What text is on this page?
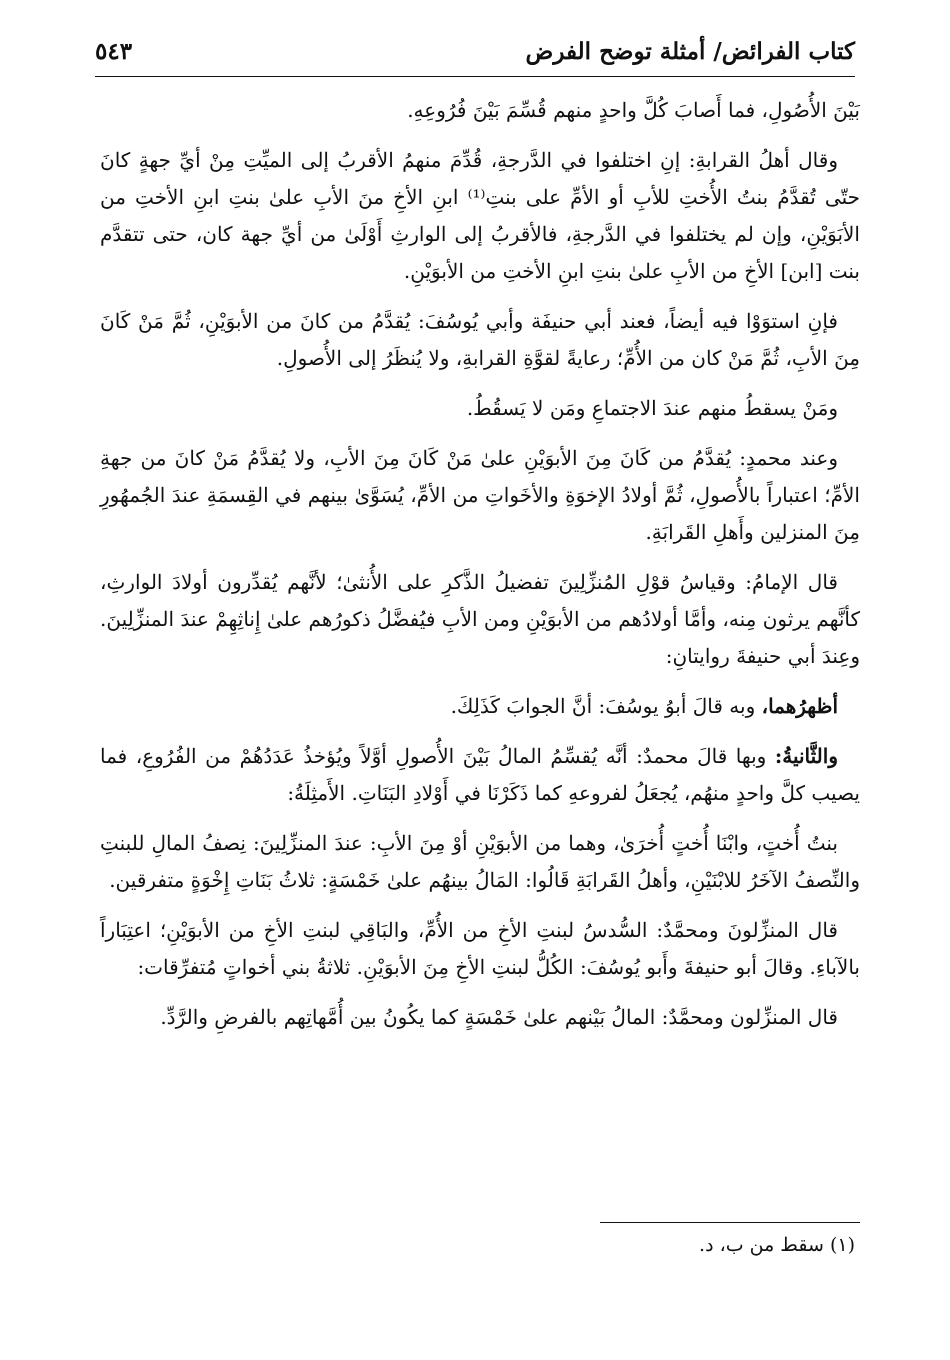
كتاب الفرائض/ أمثلة توضح الفرض
٥٤٣

بَيْنَ الأُصُولِ، فما أَصابَ كُلَّ واحدٍ منهم قُسِّمَ بَيْنَ فُرُوعِهِ.

وقال أهلُ القرابةِ: إنِ اختلفوا في الدَّرجةِ، قُدِّمَ منهمُ الأقربُ إلى الميِّتِ مِنْ أيِّ جهةٍ كانَ حتّى تُقدَّمُ بنتُ الأُختِ للأبِ أو الأمِّ على بنتِ⁽¹⁾ ابنِ الأخِ منَ الأبِ علىٰ بنتِ ابنِ الأختِ من الأبَوَيْنِ، وإن لم يختلفوا في الدَّرجةِ، فالأقربُ إلى الوارثِ أَوْلَىٰ من أيِّ جهة كان، حتى تتقدَّم بنت [ابن] الأخِ من الأبِ علىٰ بنتِ ابنِ الأختِ من الأبوَيْنِ.

فإنِ استوَوْا فيه أيضاً، فعند أبي حنيفَة وأبي يُوسُفَ: يُقدَّمُ من كانَ من الأبوَيْنِ، ثُمَّ مَنْ كَانَ مِنَ الأبِ، ثُمَّ مَنْ كان من الأُمِّ؛ رعايةً لقوَّةِ القرابةِ، ولا يُنظَرُ إلى الأُصولِ.

ومَنْ يسقطُ منهم عندَ الاجتماعِ ومَن لا يَسقُطُ.

وعند محمدٍ: يُقدَّمُ من كَانَ مِنَ الأبوَيْنِ علىٰ مَنْ كَانَ مِنَ الأبِ، ولا يُقدَّمُ مَنْ كانَ من جهةِ الأمِّ؛ اعتباراً بالأُصولِ، ثُمَّ أولادُ الإخوَةِ والأخَواتِ من الأمِّ، يُسَوَّىٰ بينهم في القِسمَةِ عندَ الجُمهُورِ مِنَ المنزلين وأَهلِ القَرابَةِ.

قال الإمامُ: وقياسُ قوْلِ المُنزِّلِينَ تفضيلُ الذَّكرِ على الأُنثىٰ؛ لأنَّهم يُقدِّرون أولادَ الوارثِ، كأنَّهم يرثون مِنه، وأمَّا أولادُهم من الأبوَيْنِ ومن الأبِ فيُفضَّلُ ذكورُهم علىٰ إِناثِهِمْ عندَ المنزِّلِينَ. وعِندَ أبي حنيفةَ روايتانِ:

أظهرُهما، وبه قالَ أبوُ يوسُفَ: أنَّ الجوابَ كَذَلِكَ.

والثَّانيةُ: وبها قالَ محمدٌ: أنَّه يُقسِّمُ المالُ بَيْنَ الأُصولِ أوَّلاً ويُؤخذُ عَدَدُهُمْ من الفُرُوعِ، فما يصيب كلَّ واحدٍ منهُم، يُجعَلُ لفروعهِ كما ذَكَرْنَا في أَوْلادِ البَنَاتِ. الأَمثِلَةُ:

بنتُ أُختٍ، وابْنَا أُختٍ أُخرَىٰ، وهما من الأبوَيْنِ أوْ مِنَ الأبِ: عندَ المنزِّلِينَ: نِصفُ المالِ للبنتِ والنِّصفُ الآخَرُ للابْنَيْنِ، وأهلُ القَرابَةِ قَالُوا: المَالُ بينهُم علىٰ خَمْسَةٍ: ثلاثُ بَنَاتِ إِخْوَةٍ متفرقين.

قال المنزِّلونَ ومحمَّدٌ: السُّدسُ لبنتِ الأخِ من الأُمِّ، والبَاقِي لبنتِ الأخِ من الأبوَيْنِ؛ اعتِبَاراً بالآباءِ. وقالَ أبو حنيفةَ وأَبو يُوسُفَ: الكُلُّ لبنتِ الأخِ مِنَ الأبوَيْنِ. ثلاثةُ بني أخواتٍ مُتفرِّقات:

قال المنزِّلون ومحمَّدٌ: المالُ بَيْنهم علىٰ خَمْسَةٍ كما يكُونُ بين أُمَّهاتِهم بالفرضِ والرَّدِّ.

(١) سقط من ب، د.
